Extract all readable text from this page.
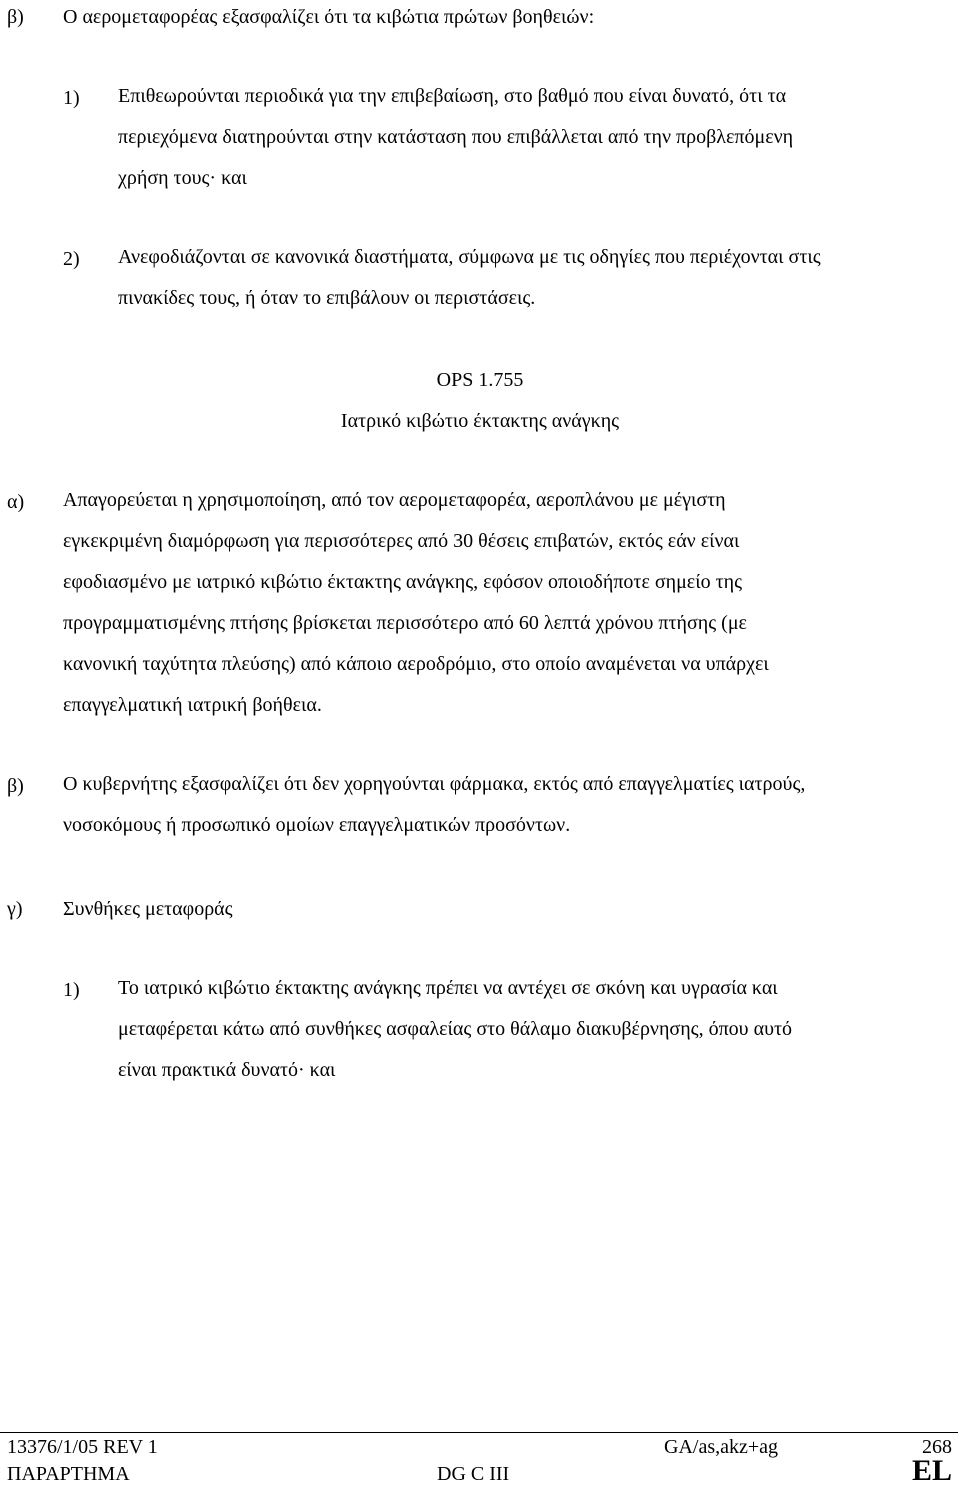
β) Ο αερομεταφορέας εξασφαλίζει ότι τα κιβώτια πρώτων βοηθειών:
1) Επιθεωρούνται περιοδικά για την επιβεβαίωση, στο βαθμό που είναι δυνατό, ότι τα
περιεχόμενα διατηρούνται στην κατάσταση που επιβάλλεται από την προβλεπόμενη
χρήση τους· και
2) Ανεφοδιάζονται σε κανονικά διαστήματα, σύμφωνα με τις οδηγίες που περιέχονται στις
πινακίδες τους, ή όταν το επιβάλουν οι περιστάσεις.
OPS 1.755
Ιατρικό κιβώτιο έκτακτης ανάγκης
α) Απαγορεύεται η χρησιμοποίηση, από τον αερομεταφορέα, αεροπλάνου με μέγιστη
εγκεκριμένη διαμόρφωση για περισσότερες από 30 θέσεις επιβατών, εκτός εάν είναι
εφοδιασμένο με ιατρικό κιβώτιο έκτακτης ανάγκης, εφόσον οποιοδήποτε σημείο της
προγραμματισμένης πτήσης βρίσκεται περισσότερο από 60 λεπτά χρόνου πτήσης (με
κανονική ταχύτητα πλεύσης) από κάποιο αεροδρόμιο, στο οποίο αναμένεται να υπάρχει
επαγγελματική ιατρική βοήθεια.
β) Ο κυβερνήτης εξασφαλίζει ότι δεν χορηγούνται φάρμακα, εκτός από επαγγελματίες ιατρούς,
νοσοκόμους ή προσωπικό ομοίων επαγγελματικών προσόντων.
γ) Συνθήκες μεταφοράς
1) Το ιατρικό κιβώτιο έκτακτης ανάγκης πρέπει να αντέχει σε σκόνη και υγρασία και
μεταφέρεται κάτω από συνθήκες ασφαλείας στο θάλαμο διακυβέρνησης, όπου αυτό
είναι πρακτικά δυνατό· και
13376/1/05 REV 1	GA/as,akz+ag	268
ΠΑΡΑΡΤΗΜΑ	DG C III	EL
